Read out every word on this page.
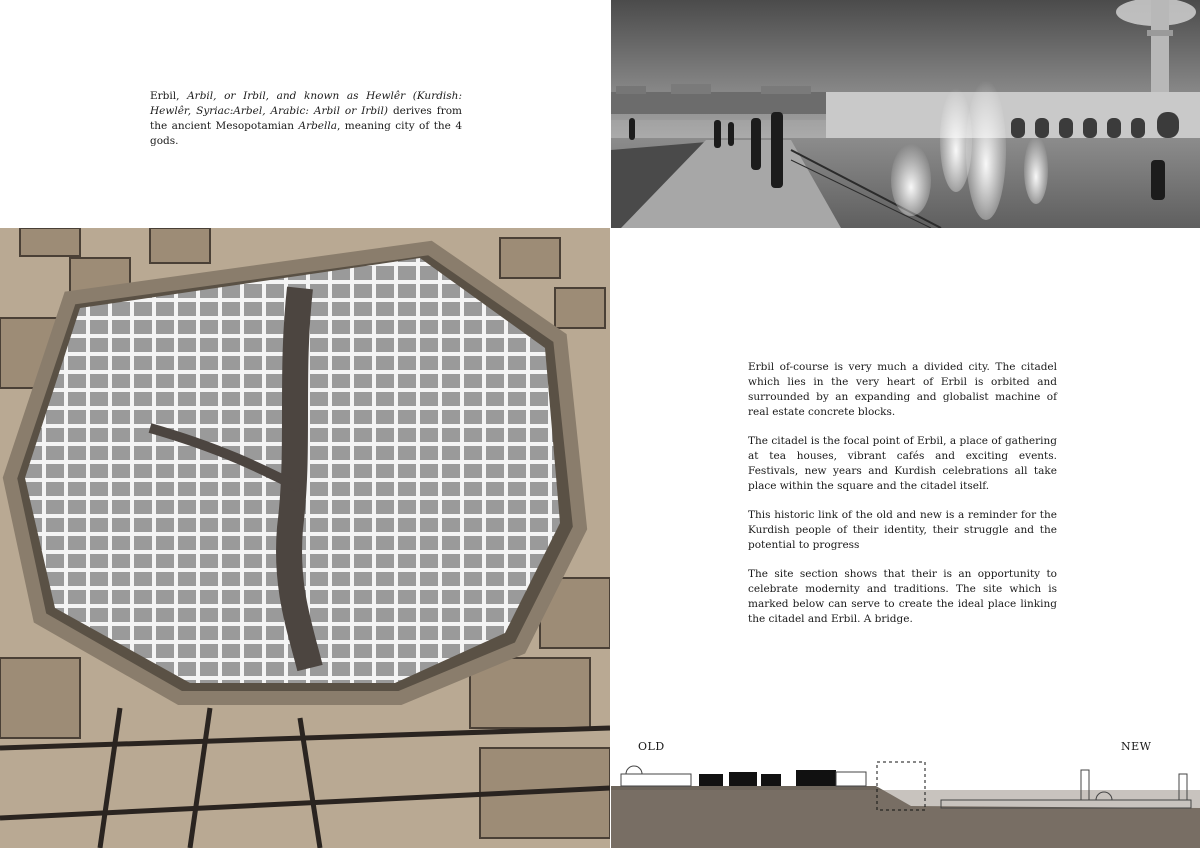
Erbil, Arbil, or Irbil, and known as Hewlêr (Kurdish: Hewlêr, Syriac:Arbel, Arabic: Arbil or Irbil) derives from the ancient Mesopotamian Arbella, meaning city of the 4 gods.

Erbil of-course is very much a divided city. The citadel which lies in the very heart of Erbil is orbited and surrounded by an expanding and globalist machine of real estate concrete blocks.

The citadel is the focal point of Erbil, a place of gathering at tea houses, vibrant cafés and exciting events. Festivals, new years and Kurdish celebrations all take place within the square and the citadel itself.

This historic link of the old and new is a reminder for the Kurdish people of their identity, their struggle and the potential to progress

The site section shows that their is an opportunity to celebrate modernity and traditions. The site which is marked below can serve to create the ideal place linking the citadel and Erbil. A bridge.

OLD	NEW
